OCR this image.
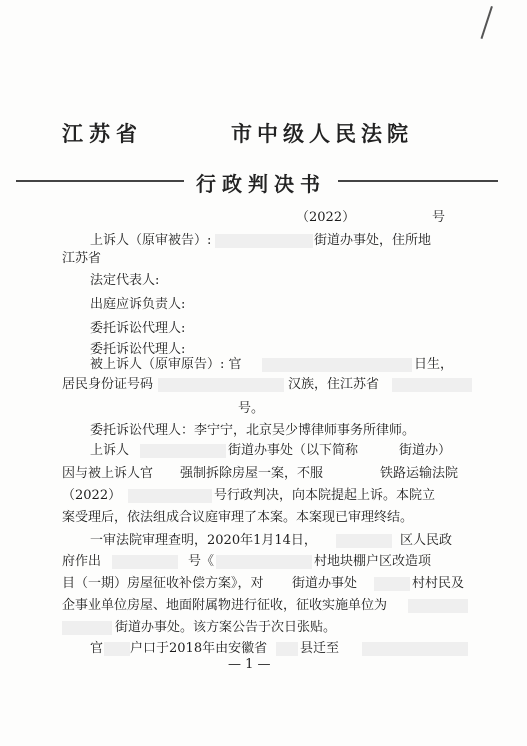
江苏省	市中级人民法院
行政判决书
（2022）	号
上诉人（原审被告）:	街道办事处，住所地
江苏省
法定代表人:
出庭应诉负责人:
委托诉讼代理人:
委托诉讼代理人:
被上诉人（原审原告）: 官	日生，
居民身份证号码	汉族，住江苏省
号。
委托诉讼代理人：李宁宁，北京吴少博律师事务所律师。
上诉人	街道办事处（以下简称	街道办）
因与被上诉人官 强制拆除房屋一案，不服	铁路运输法院
（2022）	号行政判决，向本院提起上诉。本院立
案受理后，依法组成合议庭审理了本案。本案现已审理终结。
一审法院审理查明，2020年1月14日，	区人民政
府作出	号《	村地块棚户区改造项
目（一期）房屋征收补偿方案》，对 街道办事处	村村民及
企事业单位房屋、地面附属物进行征收，征收实施单位为
街道办事处。该方案公告于次日张贴。
官 户口于2018年由安徽省	县迁至
— 1 —
